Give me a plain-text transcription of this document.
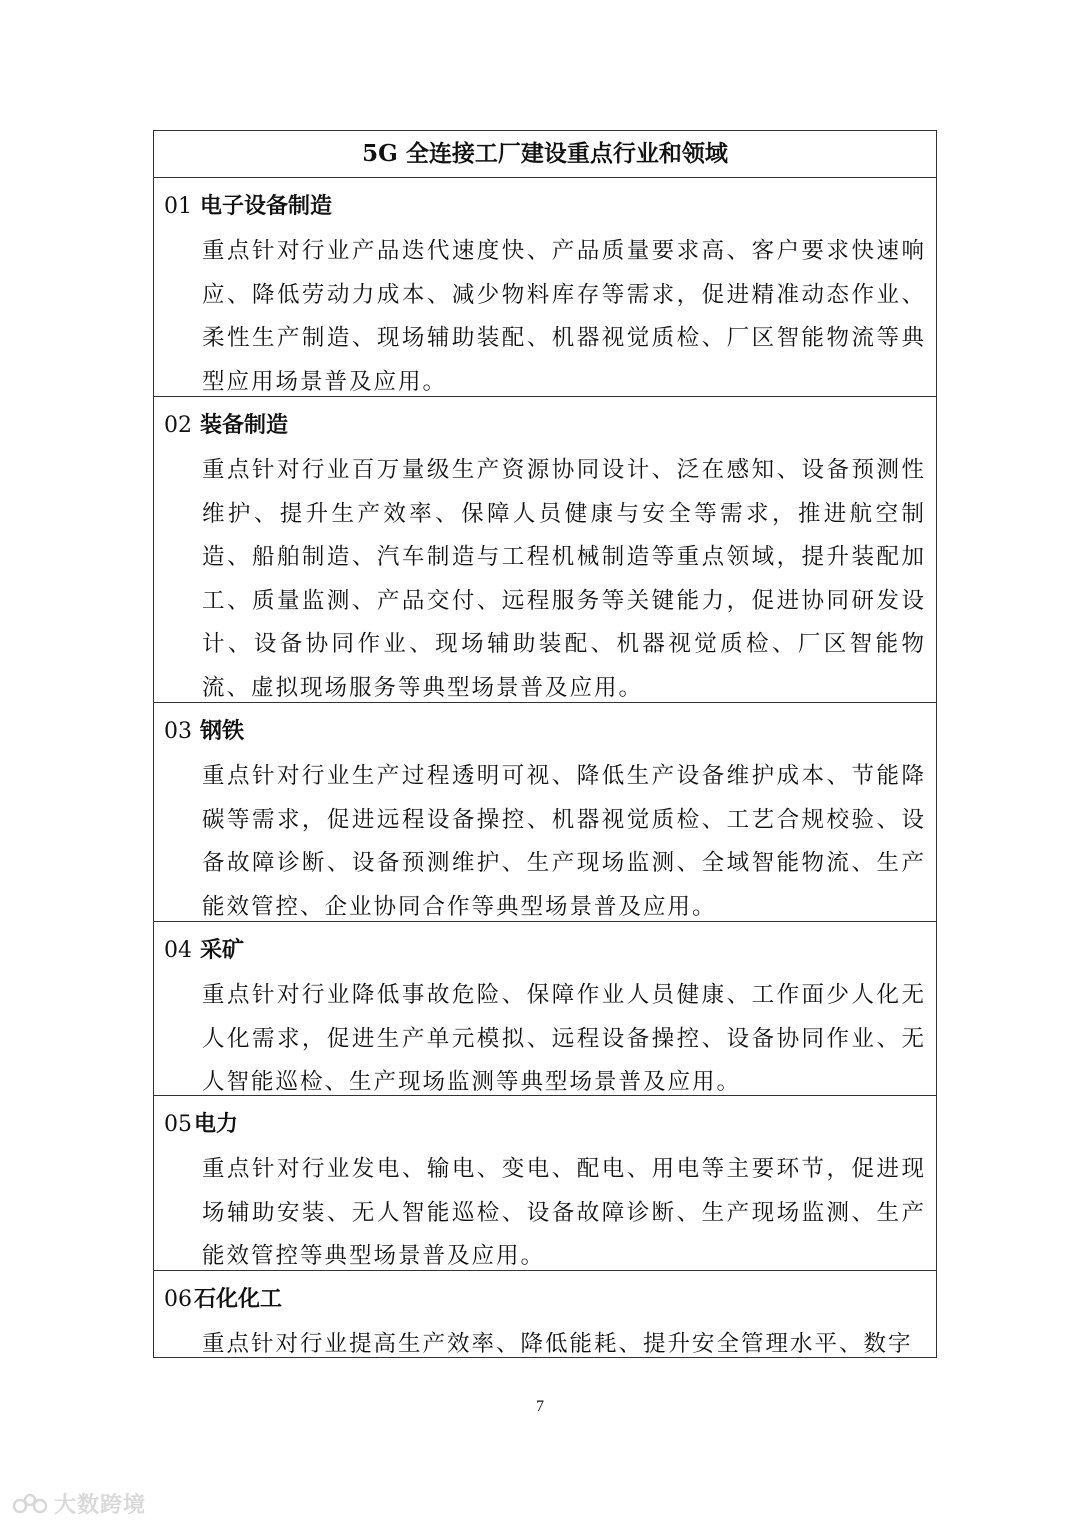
5G 全连接工厂建设重点行业和领域
01 电子设备制造
重点针对行业产品迭代速度快、产品质量要求高、客户要求快速响应、降低劳动力成本、减少物料库存等需求，促进精准动态作业、柔性生产制造、现场辅助装配、机器视觉质检、厂区智能物流等典型应用场景普及应用。
02 装备制造
重点针对行业百万量级生产资源协同设计、泛在感知、设备预测性维护、提升生产效率、保障人员健康与安全等需求，推进航空制造、船舶制造、汽车制造与工程机械制造等重点领域，提升装配加工、质量监测、产品交付、远程服务等关键能力，促进协同研发设计、设备协同作业、现场辅助装配、机器视觉质检、厂区智能物流、虚拟现场服务等典型场景普及应用。
03 钢铁
重点针对行业生产过程透明可视、降低生产设备维护成本、节能降碳等需求，促进远程设备操控、机器视觉质检、工艺合规校验、设备故障诊断、设备预测维护、生产现场监测、全域智能物流、生产能效管控、企业协同合作等典型场景普及应用。
04 采矿
重点针对行业降低事故危险、保障作业人员健康、工作面少人化无人化需求，促进生产单元模拟、远程设备操控、设备协同作业、无人智能巡检、生产现场监测等典型场景普及应用。
05电力
重点针对行业发电、输电、变电、配电、用电等主要环节，促进现场辅助安装、无人智能巡检、设备故障诊断、生产现场监测、生产能效管控等典型场景普及应用。
06石化化工
重点针对行业提高生产效率、降低能耗、提升安全管理水平、数字
7
大数跨境
